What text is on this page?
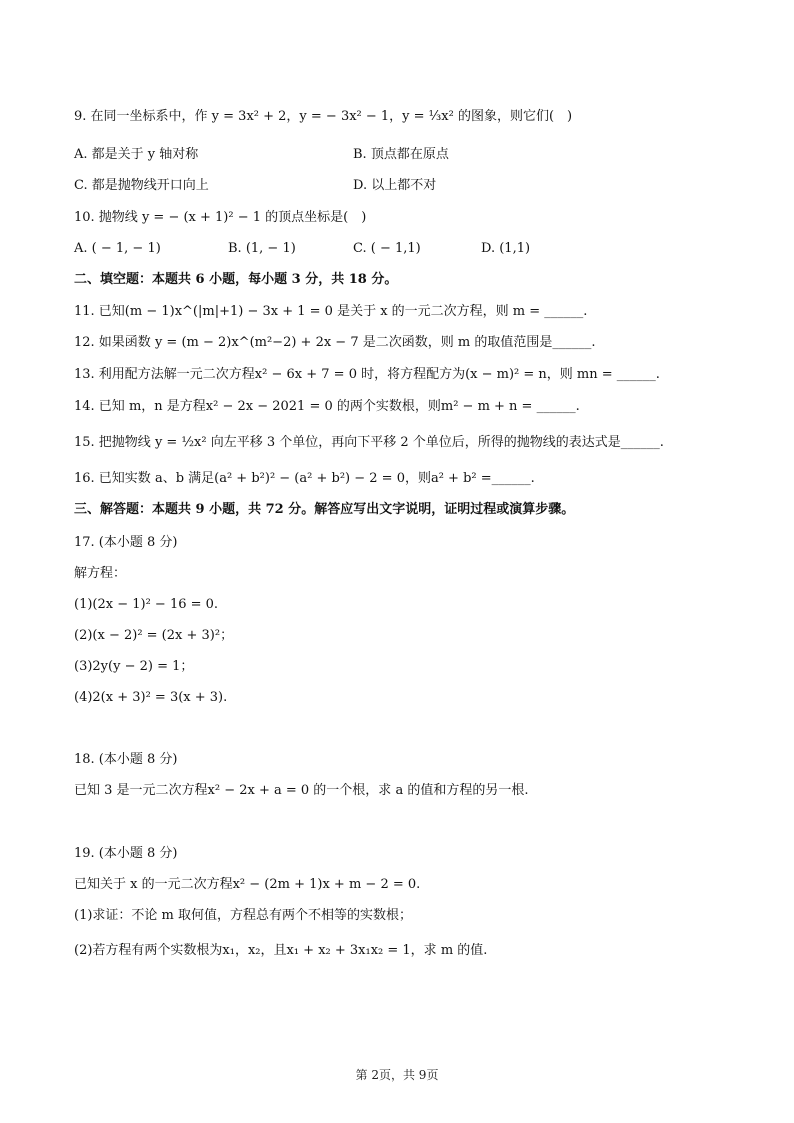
9. 在同一坐标系中，作 y = 3x² + 2，y = − 3x² − 1，y = ⅓x² 的图象，则它们(　)
A. 都是关于 y 轴对称	B. 顶点都在原点
C. 都是抛物线开口向上	D. 以上都不对
10. 抛物线 y = − (x + 1)² − 1 的顶点坐标是(　)
A. ( − 1, − 1)	B. (1, − 1)	C. ( − 1,1)	D. (1,1)
二、填空题：本题共 6 小题，每小题 3 分，共 18 分。
11. 已知(m − 1)x^(|m|+1) − 3x + 1 = 0 是关于 x 的一元二次方程，则 m = ______.
12. 如果函数 y = (m − 2)x^(m²−2) + 2x − 7 是二次函数，则 m 的取值范围是______.
13. 利用配方法解一元二次方程x² − 6x + 7 = 0 时，将方程配方为(x − m)² = n，则 mn = ______.
14. 已知 m，n 是方程x² − 2x − 2021 = 0 的两个实数根，则m² − m + n = ______.
15. 把抛物线 y = ½x² 向左平移 3 个单位，再向下平移 2 个单位后，所得的抛物线的表达式是______.
16. 已知实数 a、b 满足(a² + b²)² − (a² + b²) − 2 = 0，则a² + b² =______.
三、解答题：本题共 9 小题，共 72 分。解答应写出文字说明，证明过程或演算步骤。
17. (本小题 8 分)
解方程：
(1)(2x − 1)² − 16 = 0.
(2)(x − 2)² = (2x + 3)²；
(3)2y(y − 2) = 1；
(4)2(x + 3)² = 3(x + 3).
18. (本小题 8 分)
已知 3 是一元二次方程x² − 2x + a = 0 的一个根，求 a 的值和方程的另一根.
19. (本小题 8 分)
已知关于 x 的一元二次方程x² − (2m + 1)x + m − 2 = 0.
(1)求证：不论 m 取何值，方程总有两个不相等的实数根；
(2)若方程有两个实数根为x₁，x₂，且x₁ + x₂ + 3x₁x₂ = 1，求 m 的值.
第 2页，共 9页
